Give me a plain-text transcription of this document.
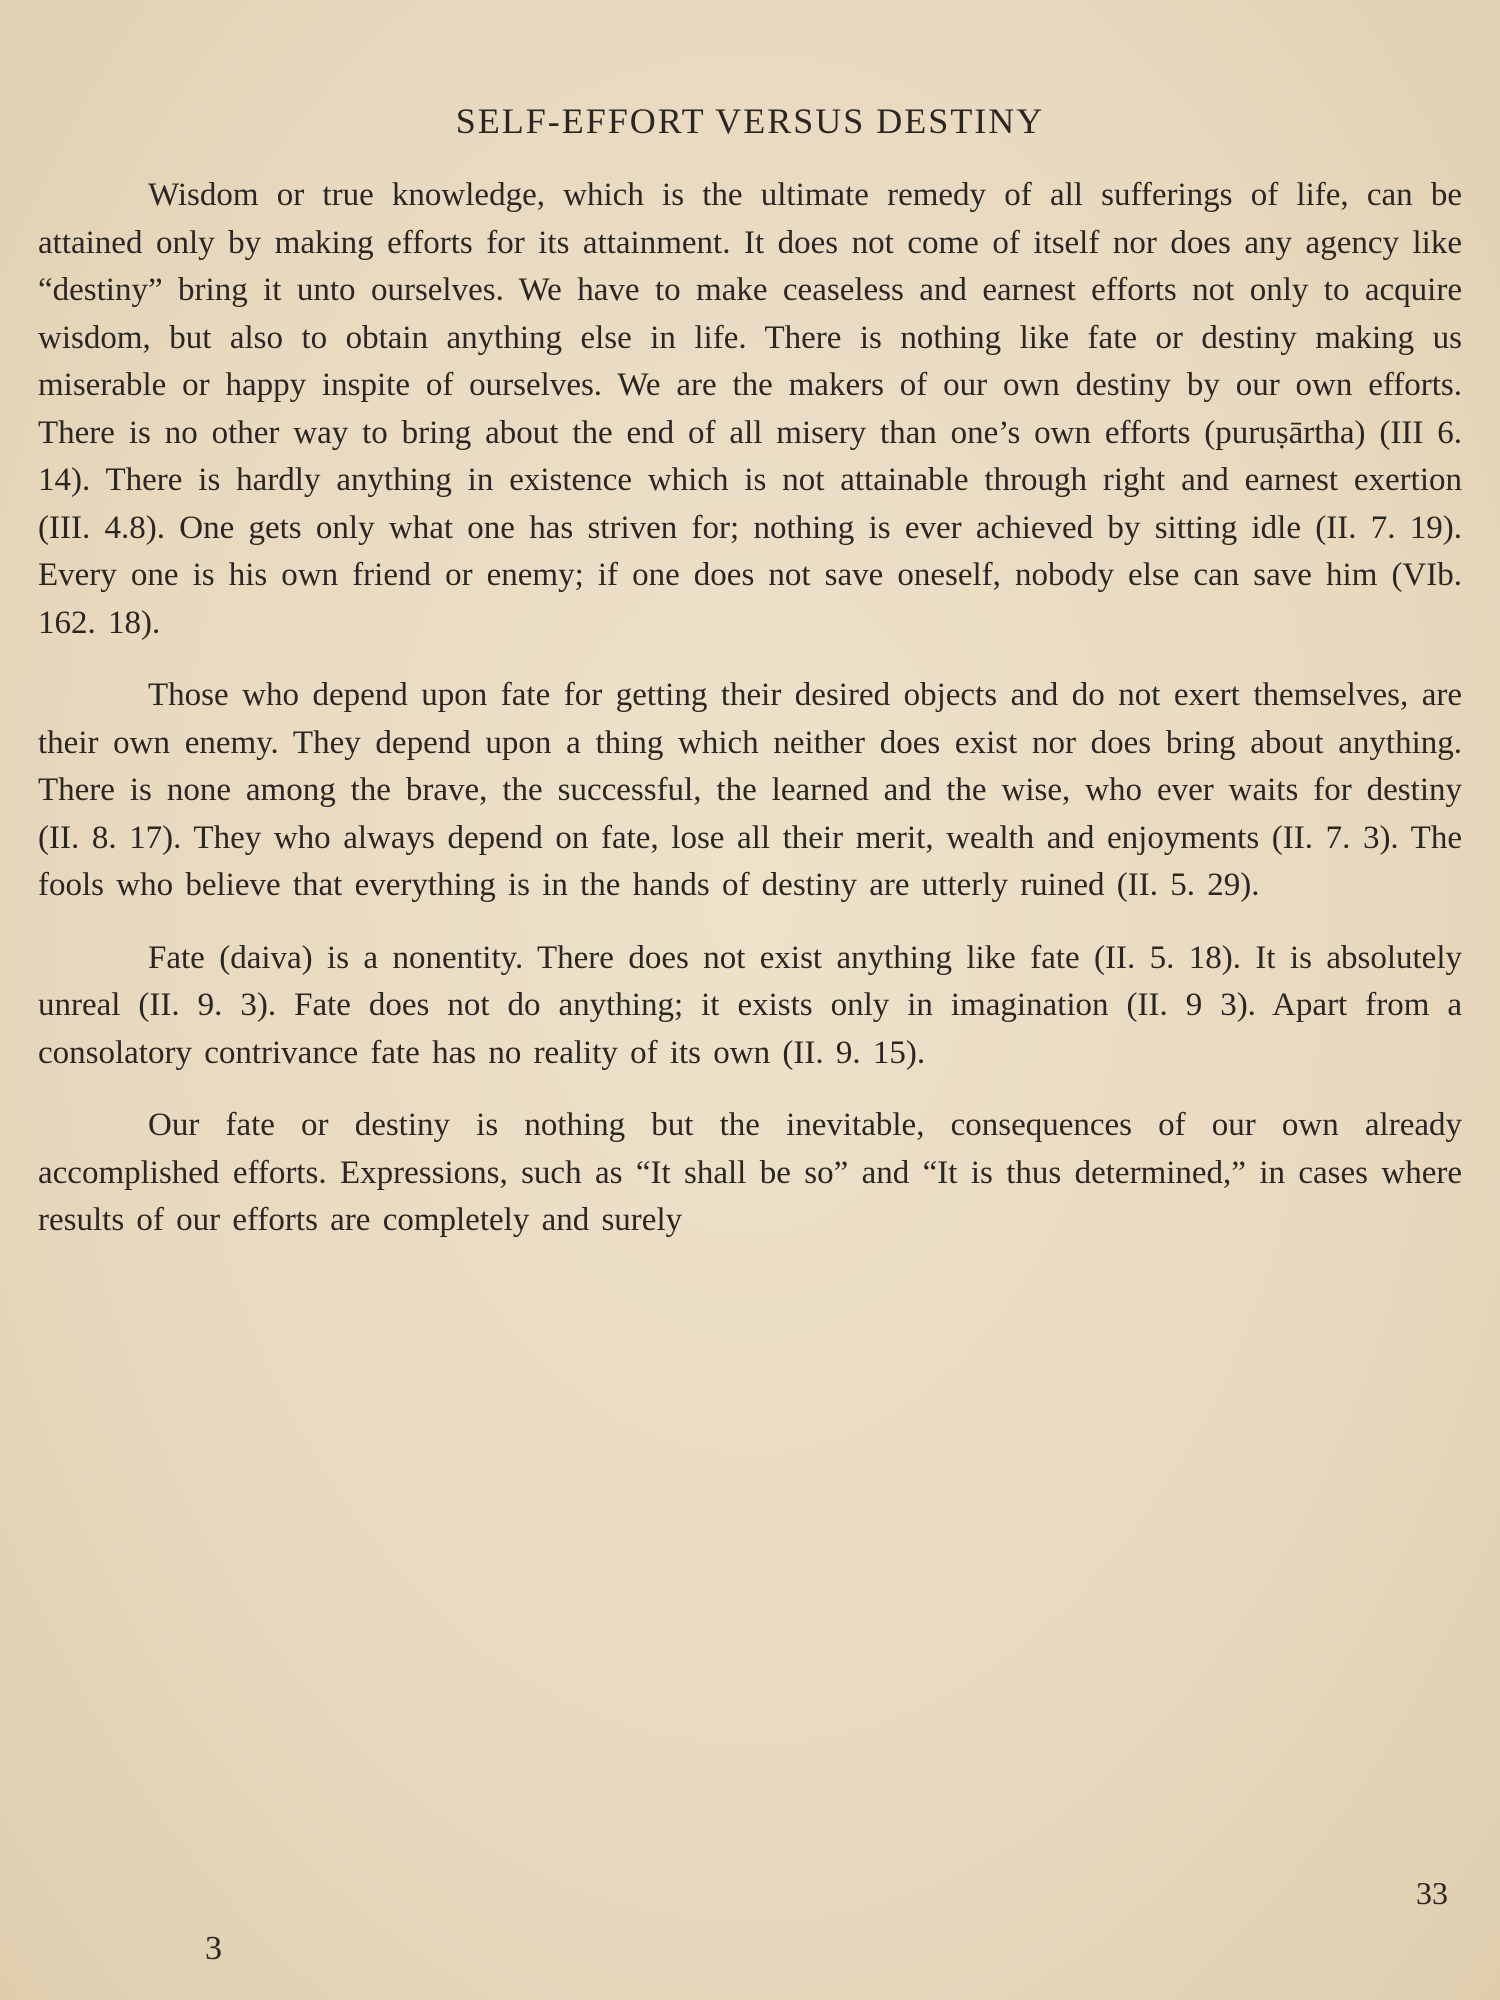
SELF-EFFORT VERSUS DESTINY

Wisdom or true knowledge, which is the ultimate remedy of all sufferings of life, can be attained only by making efforts for its attainment. It does not come of itself nor does any agency like “destiny” bring it unto ourselves. We have to make ceaseless and earnest efforts not only to acquire wisdom, but also to obtain anything else in life. There is nothing like fate or destiny making us miserable or happy inspite of ourselves. We are the makers of our own destiny by our own efforts. There is no other way to bring about the end of all misery than one’s own efforts (puruṣārtha) (III 6. 14). There is hardly anything in existence which is not attainable through right and earnest exertion (III. 4.8). One gets only what one has striven for; nothing is ever achieved by sitting idle (II. 7. 19). Every one is his own friend or enemy; if one does not save oneself, nobody else can save him (VIb. 162. 18).

Those who depend upon fate for getting their desired objects and do not exert themselves, are their own enemy. They depend upon a thing which neither does exist nor does bring about anything. There is none among the brave, the successful, the learned and the wise, who ever waits for destiny (II. 8. 17). They who always depend on fate, lose all their merit, wealth and enjoyments (II. 7. 3). The fools who believe that everything is in the hands of destiny are utterly ruined (II. 5. 29).

Fate (daiva) is a nonentity. There does not exist anything like fate (II. 5. 18). It is absolutely unreal (II. 9. 3). Fate does not do anything; it exists only in imagination (II. 9 3). Apart from a consolatory contrivance fate has no reality of its own (II. 9. 15).

Our fate or destiny is nothing but the inevitable, consequences of our own already accomplished efforts. Expressions, such as “It shall be so” and “It is thus determined,” in cases where results of our efforts are completely and surely

33
3
